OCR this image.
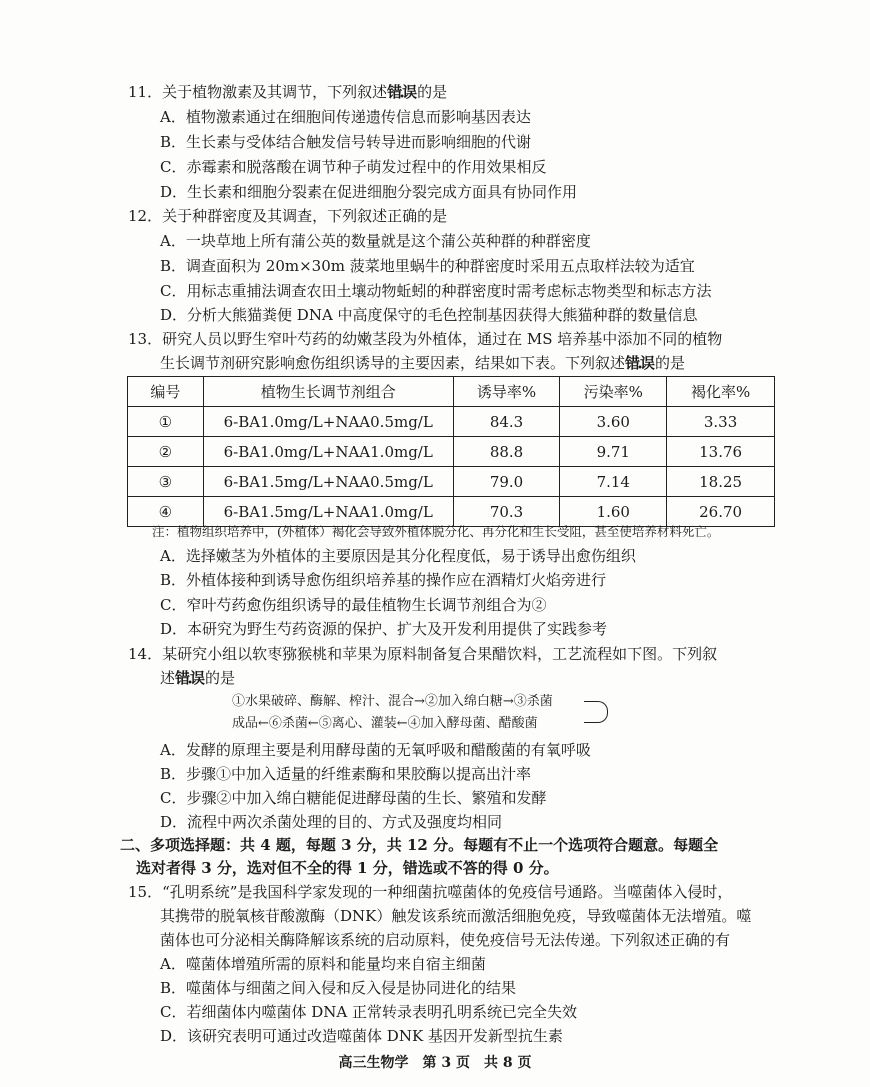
11．关于植物激素及其调节，下列叙述错误的是
A．植物激素通过在细胞间传递遗传信息而影响基因表达
B．生长素与受体结合触发信号转导进而影响细胞的代谢
C．赤霉素和脱落酸在调节种子萌发过程中的作用效果相反
D．生长素和细胞分裂素在促进细胞分裂完成方面具有协同作用
12．关于种群密度及其调查，下列叙述正确的是
A．一块草地上所有蒲公英的数量就是这个蒲公英种群的种群密度
B．调查面积为 20m×30m 菠菜地里蜗牛的种群密度时采用五点取样法较为适宜
C．用标志重捕法调查农田土壤动物蚯蚓的种群密度时需考虑标志物类型和标志方法
D．分析大熊猫粪便 DNA 中高度保守的毛色控制基因获得大熊猫种群的数量信息
13．研究人员以野生窄叶芍药的幼嫩茎段为外植体，通过在 MS 培养基中添加不同的植物
生长调节剂研究影响愈伤组织诱导的主要因素，结果如下表。下列叙述错误的是
编号	植物生长调节剂组合	诱导率%	污染率%	褐化率%
①	6-BA1.0mg/L+NAA0.5mg/L	84.3	3.60	3.33
②	6-BA1.0mg/L+NAA1.0mg/L	88.8	9.71	13.76
③	6-BA1.5mg/L+NAA0.5mg/L	79.0	7.14	18.25
④	6-BA1.5mg/L+NAA1.0mg/L	70.3	1.60	26.70
注：植物组织培养中，(外植体）褐化会导致外植体脱分化、再分化和生长受阻，甚至使培养材料死亡。
A．选择嫩茎为外植体的主要原因是其分化程度低，易于诱导出愈伤组织
B．外植体接种到诱导愈伤组织培养基的操作应在酒精灯火焰旁进行
C．窄叶芍药愈伤组织诱导的最佳植物生长调节剂组合为②
D．本研究为野生芍药资源的保护、扩大及开发利用提供了实践参考
14．某研究小组以软枣猕猴桃和苹果为原料制备复合果醋饮料，工艺流程如下图。下列叙
述错误的是
①水果破碎、酶解、榨汁、混合→②加入绵白糖→③杀菌
成品←⑥杀菌←⑤离心、灌装←④加入酵母菌、醋酸菌
A．发酵的原理主要是利用酵母菌的无氧呼吸和醋酸菌的有氧呼吸
B．步骤①中加入适量的纤维素酶和果胶酶以提高出汁率
C．步骤②中加入绵白糖能促进酵母菌的生长、繁殖和发酵
D．流程中两次杀菌处理的目的、方式及强度均相同
二、多项选择题：共 4 题，每题 3 分，共 12 分。每题有不止一个选项符合题意。每题全
选对者得 3 分，选对但不全的得 1 分，错选或不答的得 0 分。
15．“孔明系统”是我国科学家发现的一种细菌抗噬菌体的免疫信号通路。当噬菌体入侵时，
其携带的脱氧核苷酸激酶（DNK）触发该系统而激活细胞免疫，导致噬菌体无法增殖。噬
菌体也可分泌相关酶降解该系统的启动原料，使免疫信号无法传递。下列叙述正确的有
A．噬菌体增殖所需的原料和能量均来自宿主细菌
B．噬菌体与细菌之间入侵和反入侵是协同进化的结果
C．若细菌体内噬菌体 DNA 正常转录表明孔明系统已完全失效
D．该研究表明可通过改造噬菌体 DNK 基因开发新型抗生素
高三生物学　第 3 页　共 8 页
